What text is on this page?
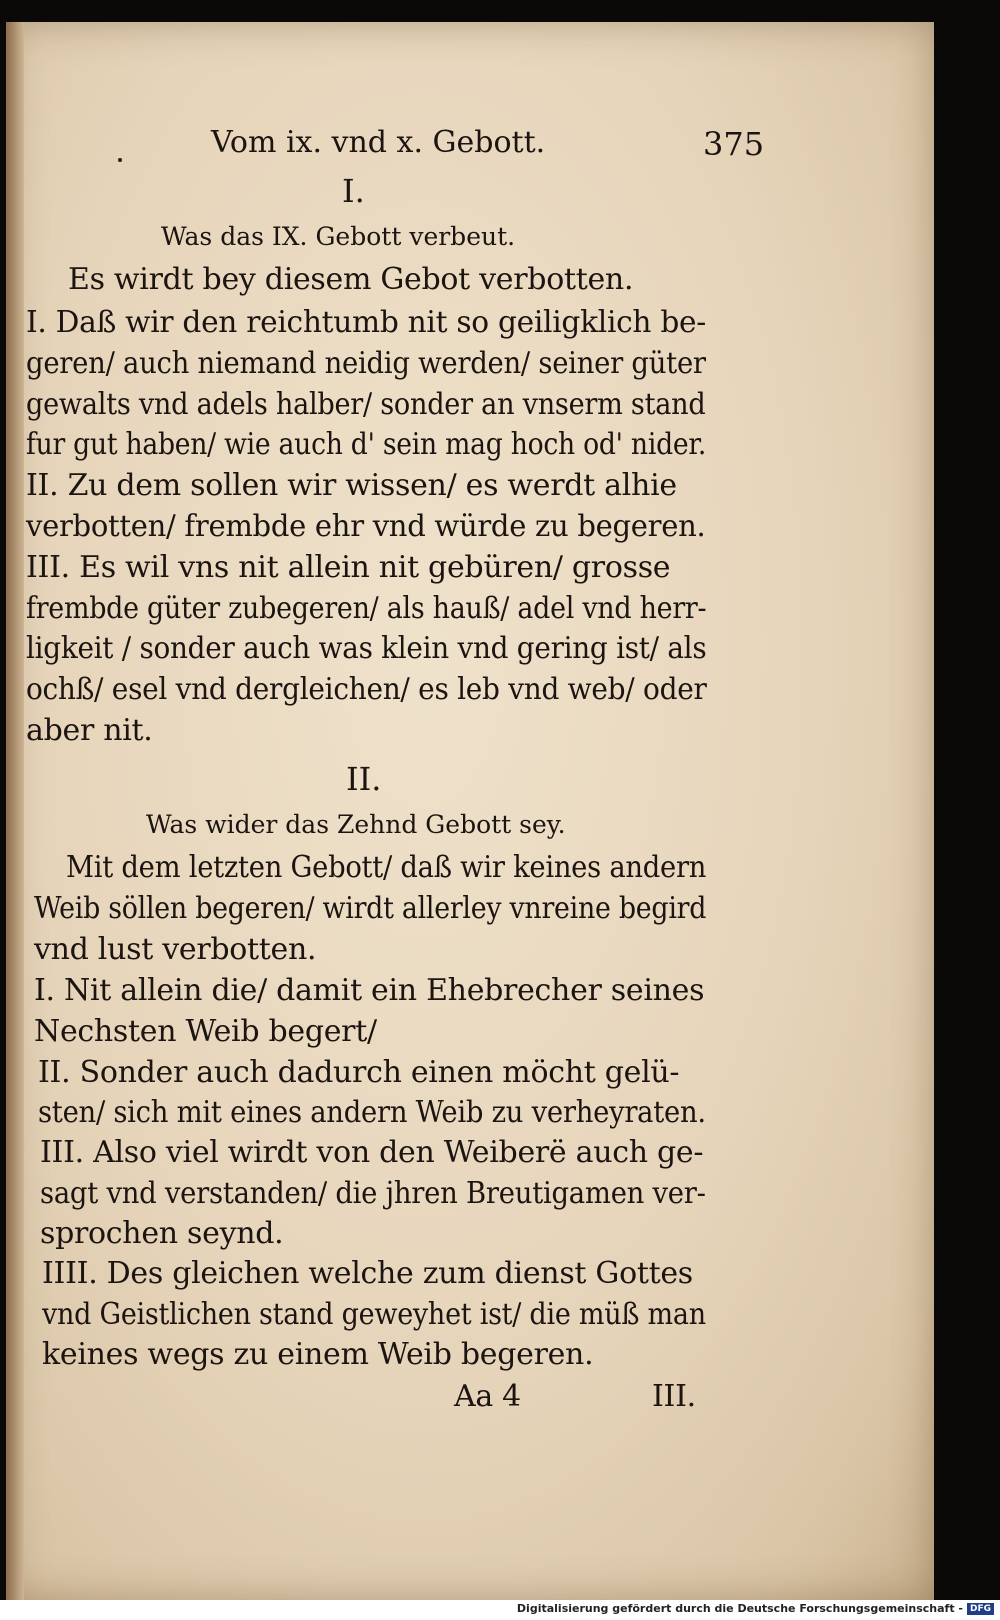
Vom ix. vnd x. Gebott.	375
I.
Was das IX. Gebott verbeut.
Es wirdt bey diesem Gebot verbotten.
I. Daß wir den reichtumb nit so geiligklich be-
geren/ auch niemand neidig werden/ seiner güter
gewalts vnd adels halber/ sonder an vnserm stand
fur gut haben/ wie auch d' sein mag hoch od' nider.
II. Zu dem sollen wir wissen/ es werdt alhie
verbotten/ frembde ehr vnd würde zu begeren.
III. Es wil vns nit allein nit gebüren/ grosse
frembde güter zubegeren/ als hauß/ adel vnd herr-
ligkeit / sonder auch was klein vnd gering ist/ als
ochß/ esel vnd dergleichen/ es leb vnd web/ oder
aber nit.
II.
Was wider das Zehnd Gebott sey.
Mit dem letzten Gebott/ daß wir keines andern
Weib söllen begeren/ wirdt allerley vnreine begird
vnd lust verbotten.
I. Nit allein die/ damit ein Ehebrecher seines
Nechsten Weib begert/
II. Sonder auch dadurch einen möcht gelü-
sten/ sich mit eines andern Weib zu verheyraten.
III. Also viel wirdt von den Weiberë auch ge-
sagt vnd verstanden/ die jhren Breutigamen ver-
sprochen seynd.
IIII. Des gleichen welche zum dienst Gottes
vnd Geistlichen stand geweyhet ist/ die müß man
keines wegs zu einem Weib begeren.
Aa 4	III.
Digitalisierung gefördert durch die Deutsche Forschungsgemeinschaft - DFG
